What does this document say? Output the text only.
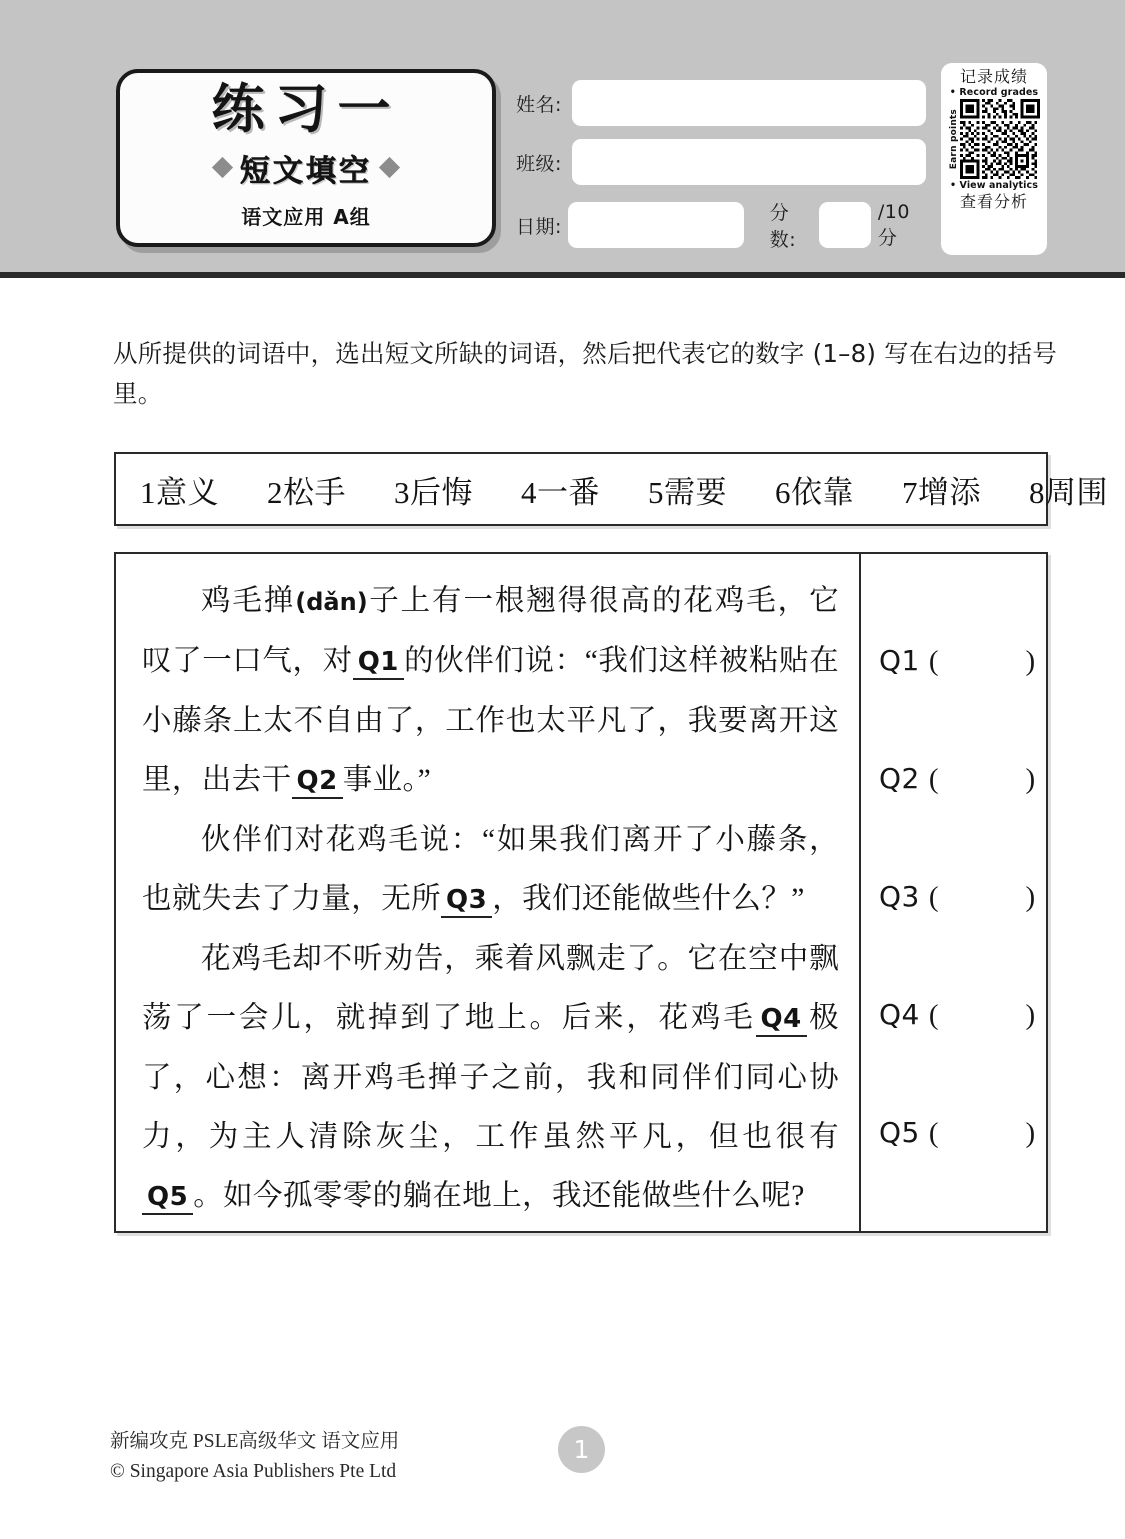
练习一
短文填空
语文应用 A组
姓名:
班级:
日期:
分数:
/10分
记录成绩
• Record grades
Earn points
• View analytics
查看分析
从所提供的词语中，选出短文所缺的词语，然后把代表它的数字 (1–8) 写在右边的括号里。
1意义 2松手 3后悔 4一番 5需要 6依靠 7增添 8周围

鸡毛掸(dǎn)子上有一根翘得很高的花鸡毛，它叹了一口气，对 Q1 的伙伴们说：“我们这样被粘贴在小藤条上太不自由了，工作也太平凡了，我要离开这里，出去干 Q2 事业。”

伙伴们对花鸡毛说：“如果我们离开了小藤条，也就失去了力量，无所 Q3 ，我们还能做些什么？”

花鸡毛却不听劝告，乘着风飘走了。它在空中飘荡了一会儿，就掉到了地上。后来，花鸡毛 Q4 极了，心想：离开鸡毛掸子之前，我和同伴们同心协力，为主人清除灰尘，工作虽然平凡，但也很有Q5 。如今孤零零的躺在地上，我还能做些什么呢?

Q1 (	)
Q2 (	)
Q3 (	)
Q4 (	)
Q5 (	)
新编攻克 PSLE高级华文 语文应用
© Singapore Asia Publishers Pte Ltd
1
